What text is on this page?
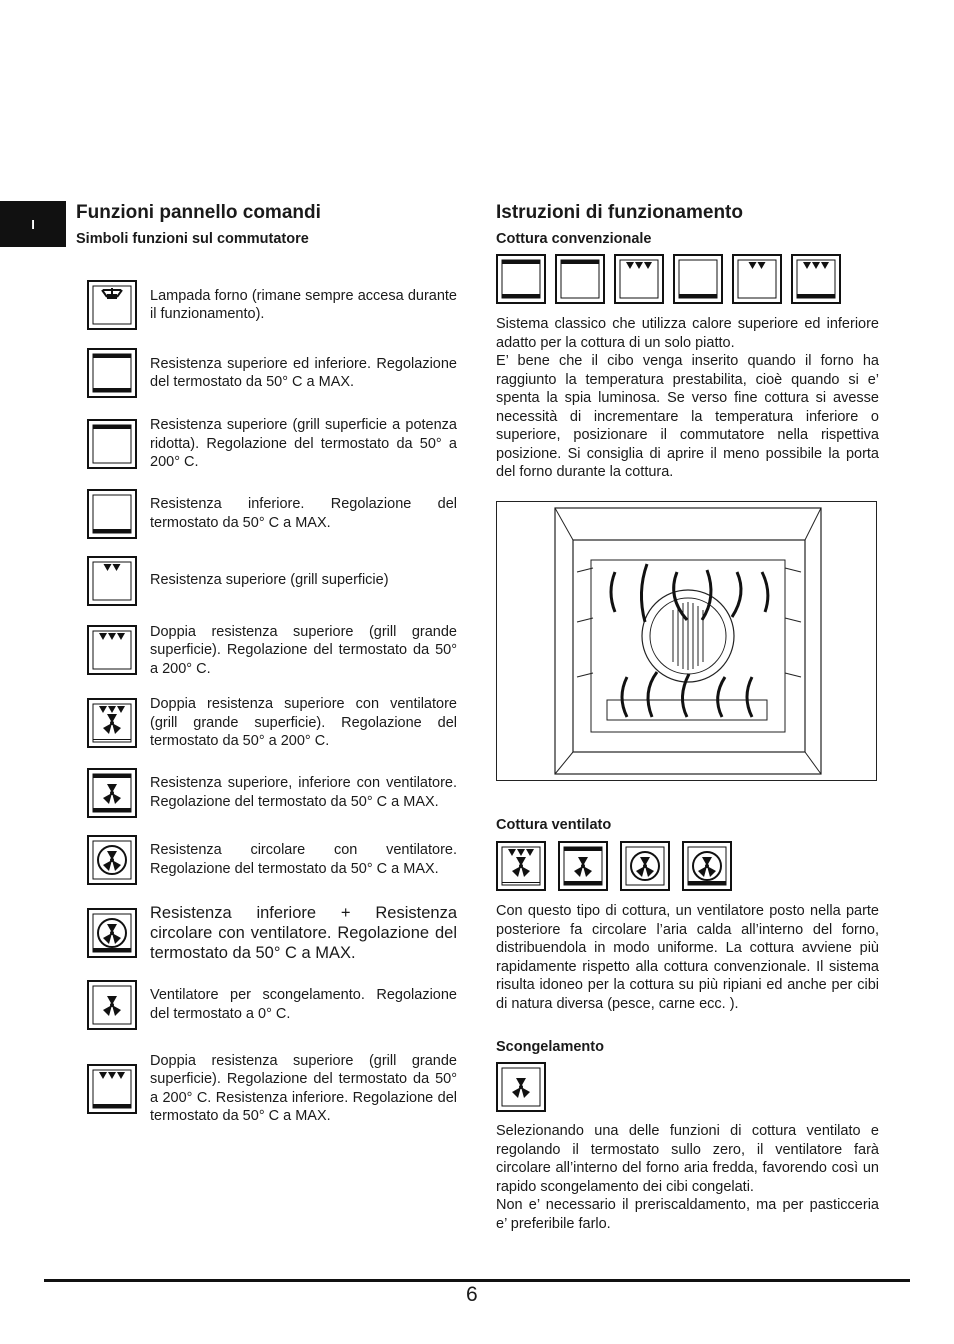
I
Funzioni pannello comandi
Simboli funzioni sul commutatore

Lampada forno (rimane sempre accesa durante il funzionamento).

Resistenza superiore ed inferiore. Regolazione del termostato da 50° C a MAX.

Resistenza superiore (grill superficie a potenza ridotta). Regolazione del termostato da 50° a 200° C.

Resistenza inferiore. Regolazione del termostato da 50° C a MAX.

Resistenza superiore (grill superficie)

Doppia resistenza superiore (grill grande superficie). Regolazione del termostato da 50° a 200° C.

Doppia resistenza superiore con ventilatore (grill grande superficie). Regolazione del termostato da 50° a 200° C.

Resistenza superiore, inferiore con ventilatore. Regolazione del termostato da 50° C a MAX.

Resistenza circolare con ventilatore. Regolazione del termostato da 50° C a MAX.

Resistenza inferiore + Resistenza circolare con ventilatore. Regolazione del termostato da 50° C a MAX.

Ventilatore per scongelamento. Regolazione del termostato a 0° C.

Doppia resistenza superiore (grill grande superficie). Regolazione del termostato da 50° a 200° C. Resistenza inferiore. Regolazione del termostato da 50° C a MAX.

Istruzioni di funzionamento
Cottura convenzionale

Sistema classico che utilizza calore superiore ed inferiore adatto per la cottura di un solo piatto.

E’ bene che il cibo venga inserito quando il forno ha raggiunto la temperatura prestabilita, cioè quando si e’ spenta la spia luminosa. Se verso fine cottura si avesse necessità di incrementare la temperatura inferiore o superiore, posizionare il commutatore nella rispettiva posizione. Si consiglia di aprire il meno possibile la porta del forno durante la cottura.

Cottura ventilato

Con questo tipo di cottura, un ventilatore posto nella parte posteriore fa circolare l’aria calda all’interno del forno, distribuendola in modo uniforme. La cottura avviene più rapidamente rispetto alla cottura convenzionale. Il sistema risulta idoneo per la cottura su più ripiani ed anche per cibi di natura diversa (pesce, carne ecc. ).

Scongelamento

Selezionando una delle funzioni di cottura ventilato e regolando il termostato sullo zero, il ventilatore farà circolare all’interno del forno aria fredda, favorendo così un rapido scongelamento dei cibi congelati.

Non e’ necessario il preriscaldamento, ma per pasticceria e’ preferibile farlo.

6
